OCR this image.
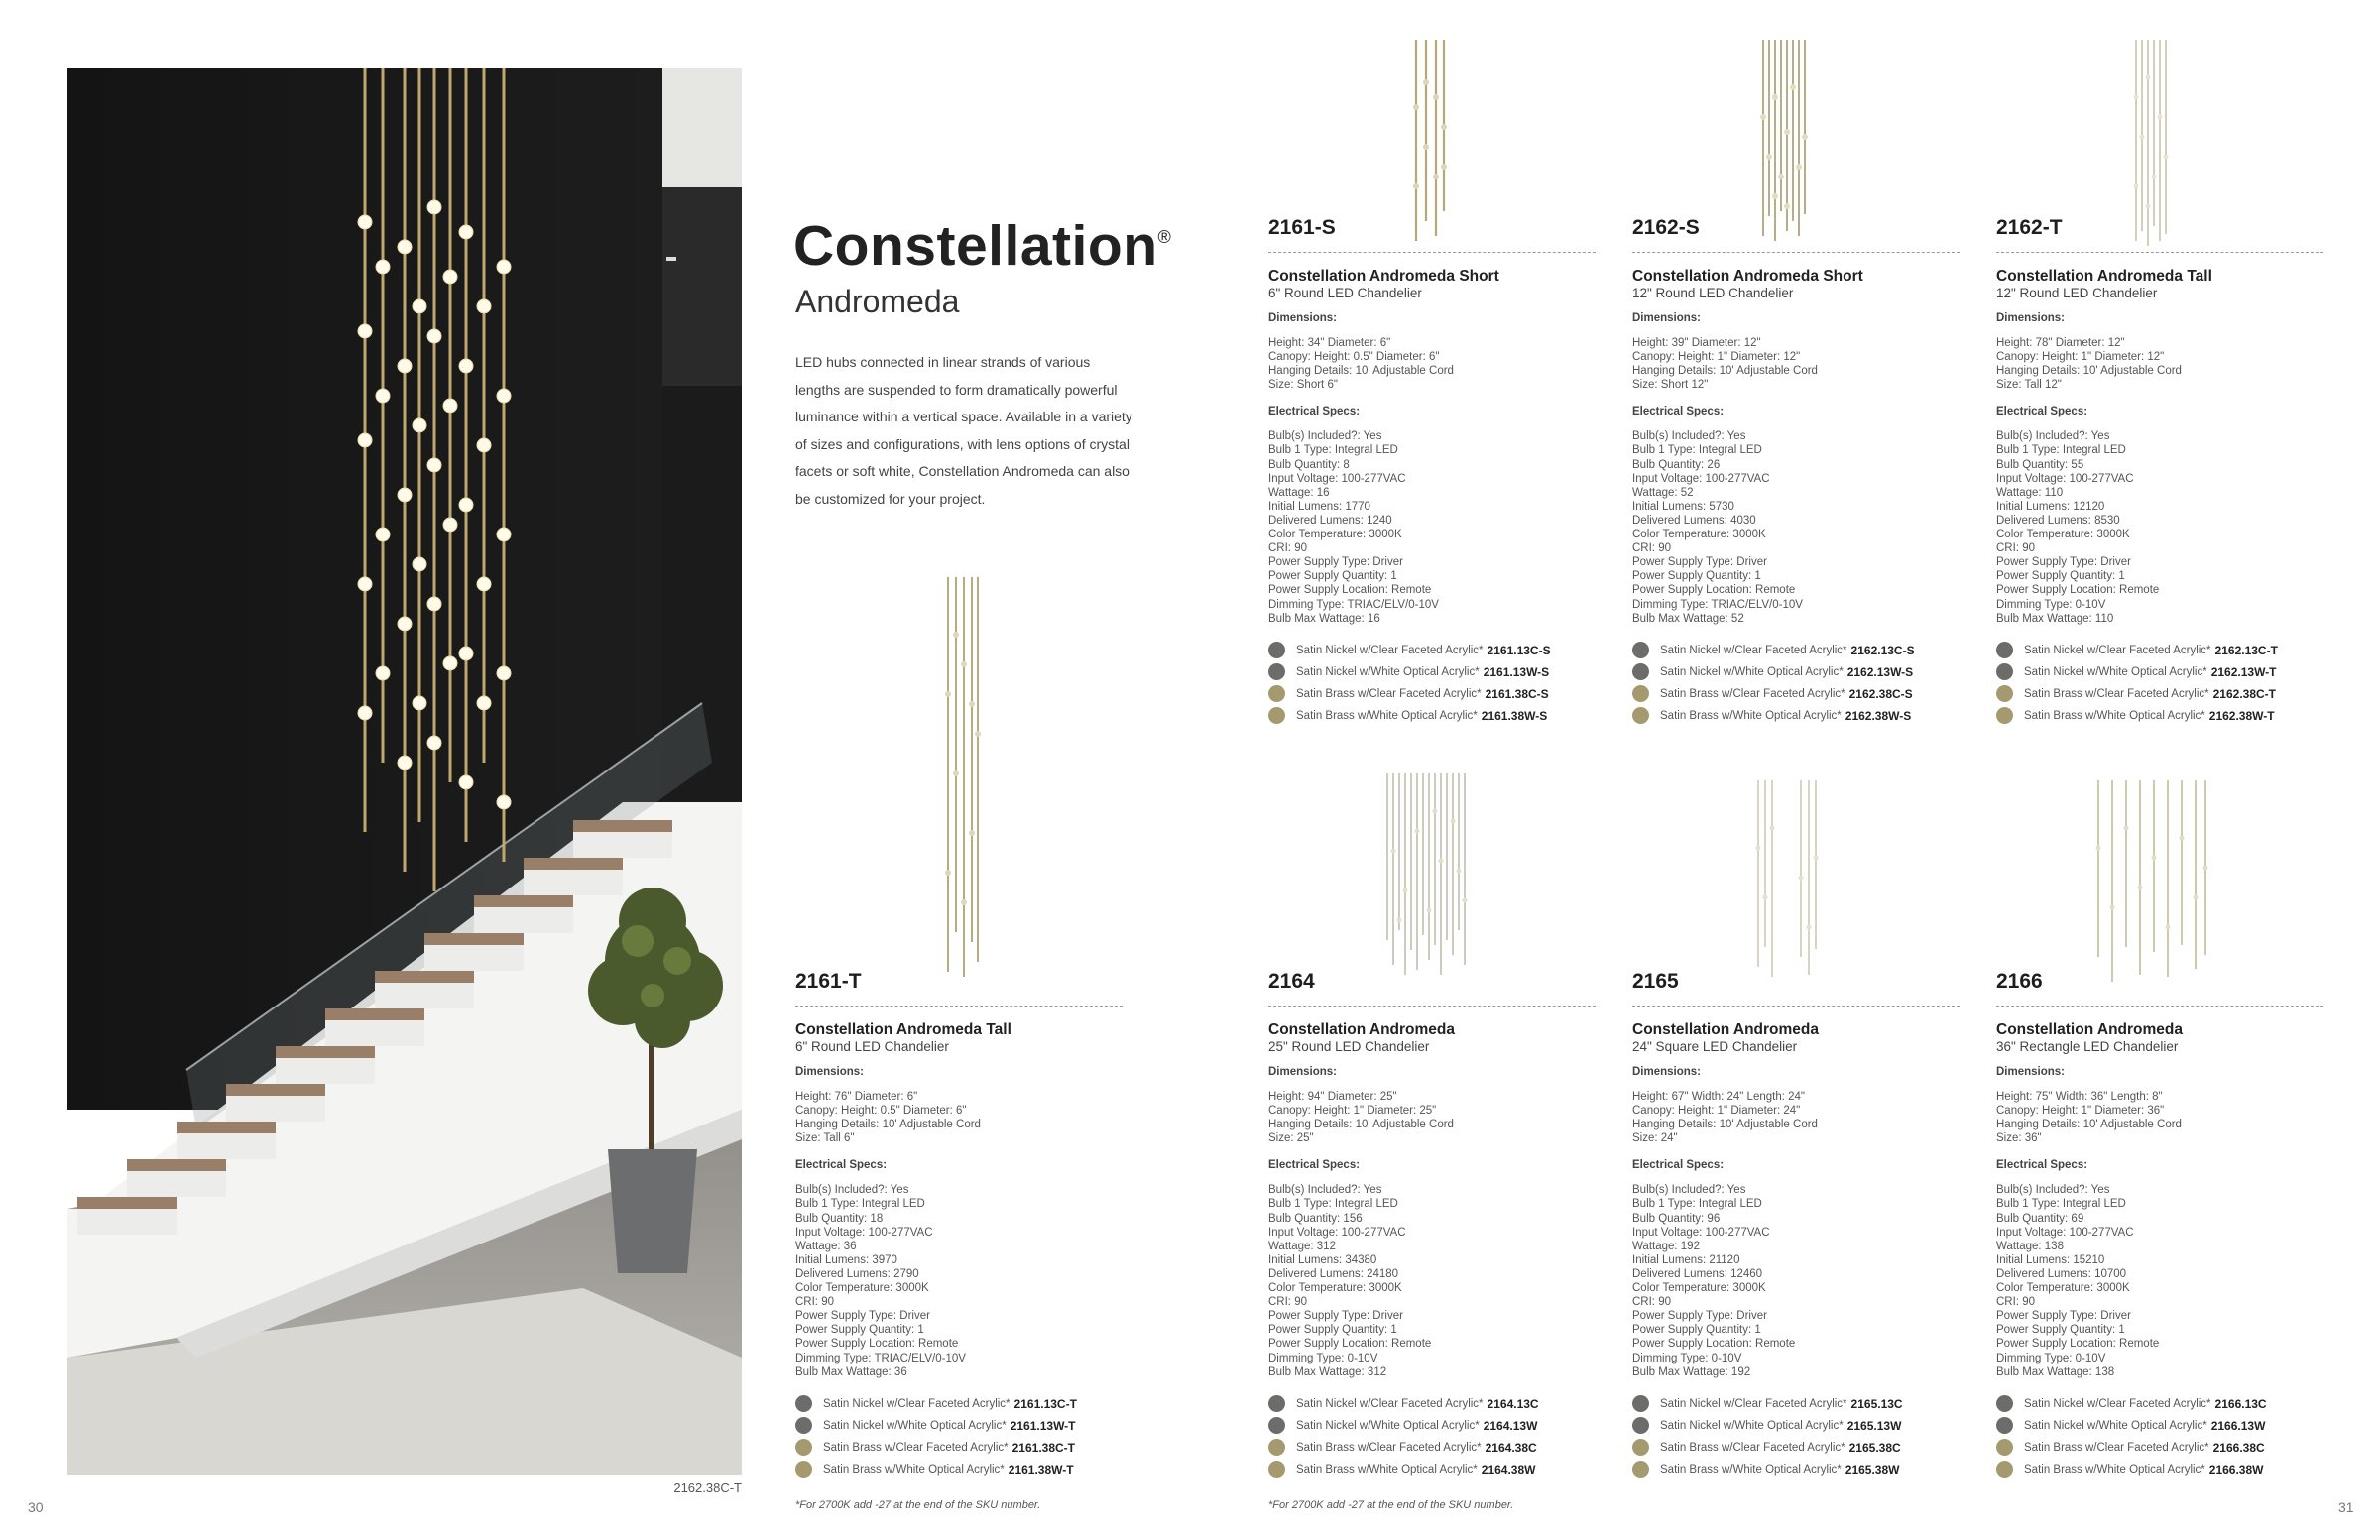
2162.38C-T
30	31
Constellation®
Andromeda
LED hubs connected in linear strands of various lengths are suspended to form dramatically powerful luminance within a vertical space. Available in a variety of sizes and configurations, with lens options of crystal facets or soft white, Constellation Andromeda can also be customized for your project.
2161-S

Constellation Andromeda Short

6" Round LED Chandelier

Dimensions:

Height: 34" Diameter: 6"

Canopy: Height: 0.5" Diameter: 6"

Hanging Details: 10' Adjustable Cord

Size: Short 6"

Electrical Specs:

Bulb(s) Included?: Yes

Bulb 1 Type: Integral LED

Bulb Quantity: 8

Input Voltage: 100-277VAC

Wattage: 16

Initial Lumens: 1770

Delivered Lumens: 1240

Color Temperature: 3000K

CRI: 90

Power Supply Type: Driver

Power Supply Quantity: 1

Power Supply Location: Remote

Dimming Type: TRIAC/ELV/0-10V

Bulb Max Wattage: 16

Satin Nickel w/Clear Faceted Acrylic* 2161.13C-S
Satin Nickel w/White Optical Acrylic* 2161.13W-S
Satin Brass w/Clear Faceted Acrylic* 2161.38C-S
Satin Brass w/White Optical Acrylic* 2161.38W-S
2162-S

Constellation Andromeda Short

12" Round LED Chandelier

Dimensions:

Height: 39" Diameter: 12"

Canopy: Height: 1" Diameter: 12"

Hanging Details: 10' Adjustable Cord

Size: Short 12"

Electrical Specs:

Bulb(s) Included?: Yes

Bulb 1 Type: Integral LED

Bulb Quantity: 26

Input Voltage: 100-277VAC

Wattage: 52

Initial Lumens: 5730

Delivered Lumens: 4030

Color Temperature: 3000K

CRI: 90

Power Supply Type: Driver

Power Supply Quantity: 1

Power Supply Location: Remote

Dimming Type: TRIAC/ELV/0-10V

Bulb Max Wattage: 52

Satin Nickel w/Clear Faceted Acrylic* 2162.13C-S
Satin Nickel w/White Optical Acrylic* 2162.13W-S
Satin Brass w/Clear Faceted Acrylic* 2162.38C-S
Satin Brass w/White Optical Acrylic* 2162.38W-S
2162-T

Constellation Andromeda Tall

12" Round LED Chandelier

Dimensions:

Height: 78" Diameter: 12"

Canopy: Height: 1" Diameter: 12"

Hanging Details: 10' Adjustable Cord

Size: Tall 12"

Electrical Specs:

Bulb(s) Included?: Yes

Bulb 1 Type: Integral LED

Bulb Quantity: 55

Input Voltage: 100-277VAC

Wattage: 110

Initial Lumens: 12120

Delivered Lumens: 8530

Color Temperature: 3000K

CRI: 90

Power Supply Type: Driver

Power Supply Quantity: 1

Power Supply Location: Remote

Dimming Type: 0-10V

Bulb Max Wattage: 110

Satin Nickel w/Clear Faceted Acrylic* 2162.13C-T
Satin Nickel w/White Optical Acrylic* 2162.13W-T
Satin Brass w/Clear Faceted Acrylic* 2162.38C-T
Satin Brass w/White Optical Acrylic* 2162.38W-T
2161-T

Constellation Andromeda Tall

6" Round LED Chandelier

Dimensions:

Height: 76" Diameter: 6"

Canopy: Height: 0.5" Diameter: 6"

Hanging Details: 10' Adjustable Cord

Size: Tall 6"

Electrical Specs:

Bulb(s) Included?: Yes

Bulb 1 Type: Integral LED

Bulb Quantity: 18

Input Voltage: 100-277VAC

Wattage: 36

Initial Lumens: 3970

Delivered Lumens: 2790

Color Temperature: 3000K

CRI: 90

Power Supply Type: Driver

Power Supply Quantity: 1

Power Supply Location: Remote

Dimming Type: TRIAC/ELV/0-10V

Bulb Max Wattage: 36

Satin Nickel w/Clear Faceted Acrylic* 2161.13C-T
Satin Nickel w/White Optical Acrylic* 2161.13W-T
Satin Brass w/Clear Faceted Acrylic* 2161.38C-T
Satin Brass w/White Optical Acrylic* 2161.38W-T
2164

Constellation Andromeda

25" Round LED Chandelier

Dimensions:

Height: 94" Diameter: 25"

Canopy: Height: 1" Diameter: 25"

Hanging Details: 10' Adjustable Cord

Size: 25"

Electrical Specs:

Bulb(s) Included?: Yes

Bulb 1 Type: Integral LED

Bulb Quantity: 156

Input Voltage: 100-277VAC

Wattage: 312

Initial Lumens: 34380

Delivered Lumens: 24180

Color Temperature: 3000K

CRI: 90

Power Supply Type: Driver

Power Supply Quantity: 1

Power Supply Location: Remote

Dimming Type: 0-10V

Bulb Max Wattage: 312

Satin Nickel w/Clear Faceted Acrylic* 2164.13C
Satin Nickel w/White Optical Acrylic* 2164.13W
Satin Brass w/Clear Faceted Acrylic* 2164.38C
Satin Brass w/White Optical Acrylic* 2164.38W
2165

Constellation Andromeda

24" Square LED Chandelier

Dimensions:

Height: 67" Width: 24" Length: 24"

Canopy: Height: 1" Diameter: 24"

Hanging Details: 10' Adjustable Cord

Size: 24"

Electrical Specs:

Bulb(s) Included?: Yes

Bulb 1 Type: Integral LED

Bulb Quantity: 96

Input Voltage: 100-277VAC

Wattage: 192

Initial Lumens: 21120

Delivered Lumens: 12460

Color Temperature: 3000K

CRI: 90

Power Supply Type: Driver

Power Supply Quantity: 1

Power Supply Location: Remote

Dimming Type: 0-10V

Bulb Max Wattage: 192

Satin Nickel w/Clear Faceted Acrylic* 2165.13C
Satin Nickel w/White Optical Acrylic* 2165.13W
Satin Brass w/Clear Faceted Acrylic* 2165.38C
Satin Brass w/White Optical Acrylic* 2165.38W
2166

Constellation Andromeda

36" Rectangle LED Chandelier

Dimensions:

Height: 75" Width: 36" Length: 8"

Canopy: Height: 1" Diameter: 36"

Hanging Details: 10' Adjustable Cord

Size: 36"

Electrical Specs:

Bulb(s) Included?: Yes

Bulb 1 Type: Integral LED

Bulb Quantity: 69

Input Voltage: 100-277VAC

Wattage: 138

Initial Lumens: 15210

Delivered Lumens: 10700

Color Temperature: 3000K

CRI: 90

Power Supply Type: Driver

Power Supply Quantity: 1

Power Supply Location: Remote

Dimming Type: 0-10V

Bulb Max Wattage: 138

Satin Nickel w/Clear Faceted Acrylic* 2166.13C
Satin Nickel w/White Optical Acrylic* 2166.13W
Satin Brass w/Clear Faceted Acrylic* 2166.38C
Satin Brass w/White Optical Acrylic* 2166.38W
*For 2700K add -27 at the end of the SKU number.	*For 2700K add -27 at the end of the SKU number.
